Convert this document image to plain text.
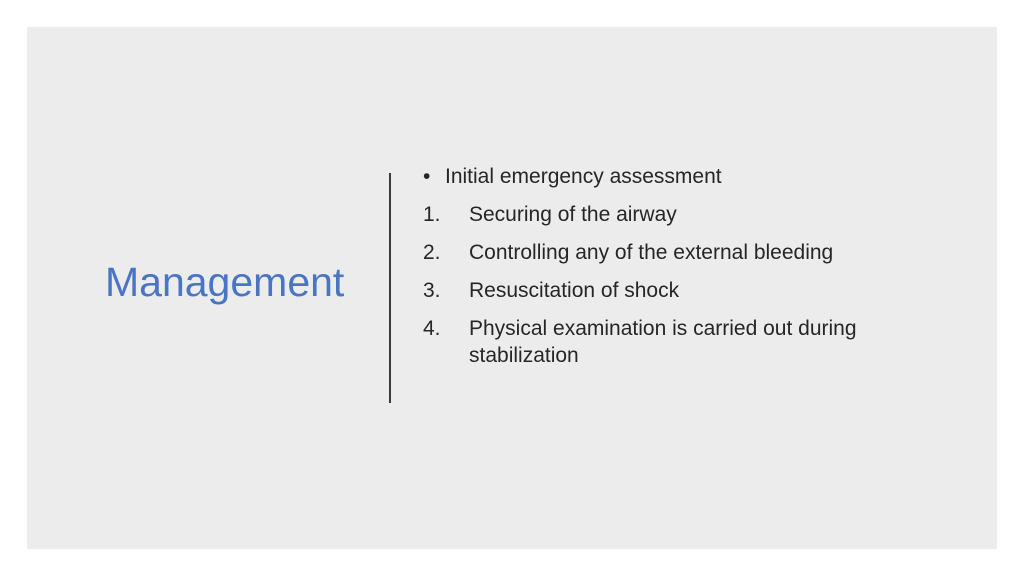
Management
• Initial emergency assessment
1.	Securing of the airway
2.	Controlling any of the external bleeding
3.	Resuscitation of shock
4.	Physical examination is carried out during stabilization
